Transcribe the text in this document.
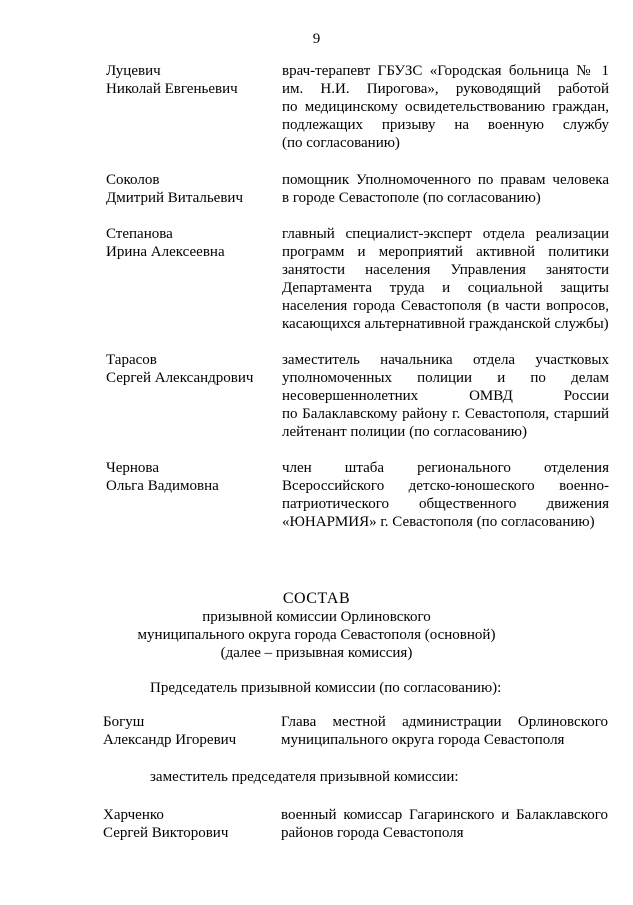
9
Луцевич
Николай Евгеньевич
врач-терапевт ГБУЗС «Городская больница № 1
им. Н.И. Пирогова», руководящий работой
по медицинскому освидетельствованию граждан,
подлежащих призыву на военную службу
(по согласованию)
Соколов
Дмитрий Витальевич
помощник Уполномоченного по правам человека
в городе Севастополе (по согласованию)
Степанова
Ирина Алексеевна
главный специалист-эксперт отдела реализации
программ и мероприятий активной политики
занятости населения Управления занятости
Департамента труда и социальной защиты
населения города Севастополя (в части вопросов,
касающихся альтернативной гражданской службы)
Тарасов
Сергей Александрович
заместитель начальника отдела участковых
уполномоченных полиции и по делам
несовершеннолетних ОМВД России
по Балаклавскому району г. Севастополя, старший
лейтенант полиции (по согласованию)
Чернова
Ольга Вадимовна
член штаба регионального отделения
Всероссийского детско-юношеского военно-
патриотического общественного движения
«ЮНАРМИЯ» г. Севастополя (по согласованию)
СОСТАВ
призывной комиссии Орлиновского
муниципального округа города Севастополя (основной)
(далее – призывная комиссия)
Председатель призывной комиссии (по согласованию):
Богуш
Александр Игоревич
Глава местной администрации Орлиновского
муниципального округа города Севастополя
заместитель председателя призывной комиссии:
Харченко
Сергей Викторович
военный комиссар Гагаринского и Балаклавского
районов города Севастополя
